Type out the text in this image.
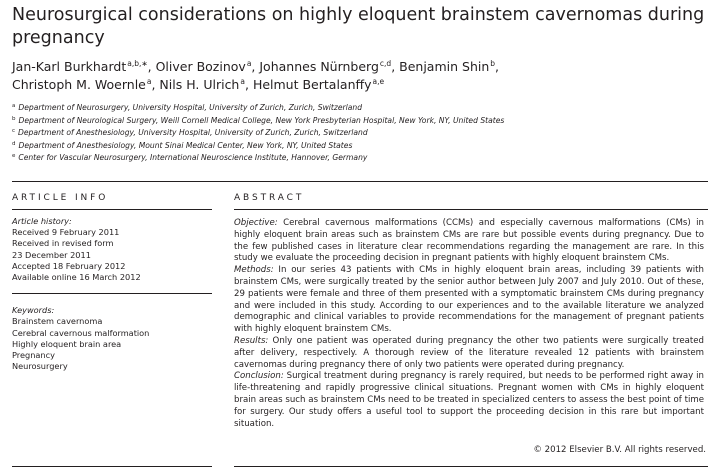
Neurosurgical considerations on highly eloquent brainstem cavernomas during pregnancy
Jan-Karl Burkhardt$^{a,b,∗}$, Oliver Bozinov$^a$, Johannes Nürnberg$^{c,d}$, Benjamin Shin$^b$,
Christoph M. Woernle$^a$, Nils H. Ulrich$^a$, Helmut Bertalanffy$^{a,e}$
$^a$ Department of Neurosurgery, University Hospital, University of Zurich, Zurich, Switzerland
$^b$ Department of Neurological Surgery, Weill Cornell Medical College, New York Presbyterian Hospital, New York, NY, United States
$^c$ Department of Anesthesiology, University Hospital, University of Zurich, Zurich, Switzerland
$^d$ Department of Anesthesiology, Mount Sinai Medical Center, New York, NY, United States
$^e$ Center for Vascular Neurosurgery, International Neuroscience Institute, Hannover, Germany
ARTICLE INFO	ABSTRACT
Article history:
Received 9 February 2011
Received in revised form
23 December 2011
Accepted 18 February 2012
Available online 16 March 2012
Keywords:
Brainstem cavernoma
Cerebral cavernous malformation
Highly eloquent brain area
Pregnancy
Neurosurgery

Objective: Cerebral cavernous malformations (CCMs) and especially cavernous malformations (CMs) in highly eloquent brain areas such as brainstem CMs are rare but possible events during pregnancy. Due to the few published cases in literature clear recommendations regarding the management are rare. In this study we evaluate the proceeding decision in pregnant patients with highly eloquent brainstem CMs.

Methods: In our series 43 patients with CMs in highly eloquent brain areas, including 39 patients with brainstem CMs, were surgically treated by the senior author between July 2007 and July 2010. Out of these, 29 patients were female and three of them presented with a symptomatic brainstem CMs during pregnancy and were included in this study. According to our experiences and to the available literature we analyzed demographic and clinical variables to provide recommendations for the management of pregnant patients with highly eloquent brainstem CMs.

Results: Only one patient was operated during pregnancy the other two patients were surgically treated after delivery, respectively. A thorough review of the literature revealed 12 patients with brainstem cavernomas during pregnancy there of only two patients were operated during pregnancy.

Conclusion: Surgical treatment during pregnancy is rarely required, but needs to be performed right away in life-threatening and rapidly progressive clinical situations. Pregnant women with CMs in highly eloquent brain areas such as brainstem CMs need to be treated in specialized centers to assess the best point of time for surgery. Our study offers a useful tool to support the proceeding decision in this rare but important situation.

© 2012 Elsevier B.V. All rights reserved.
